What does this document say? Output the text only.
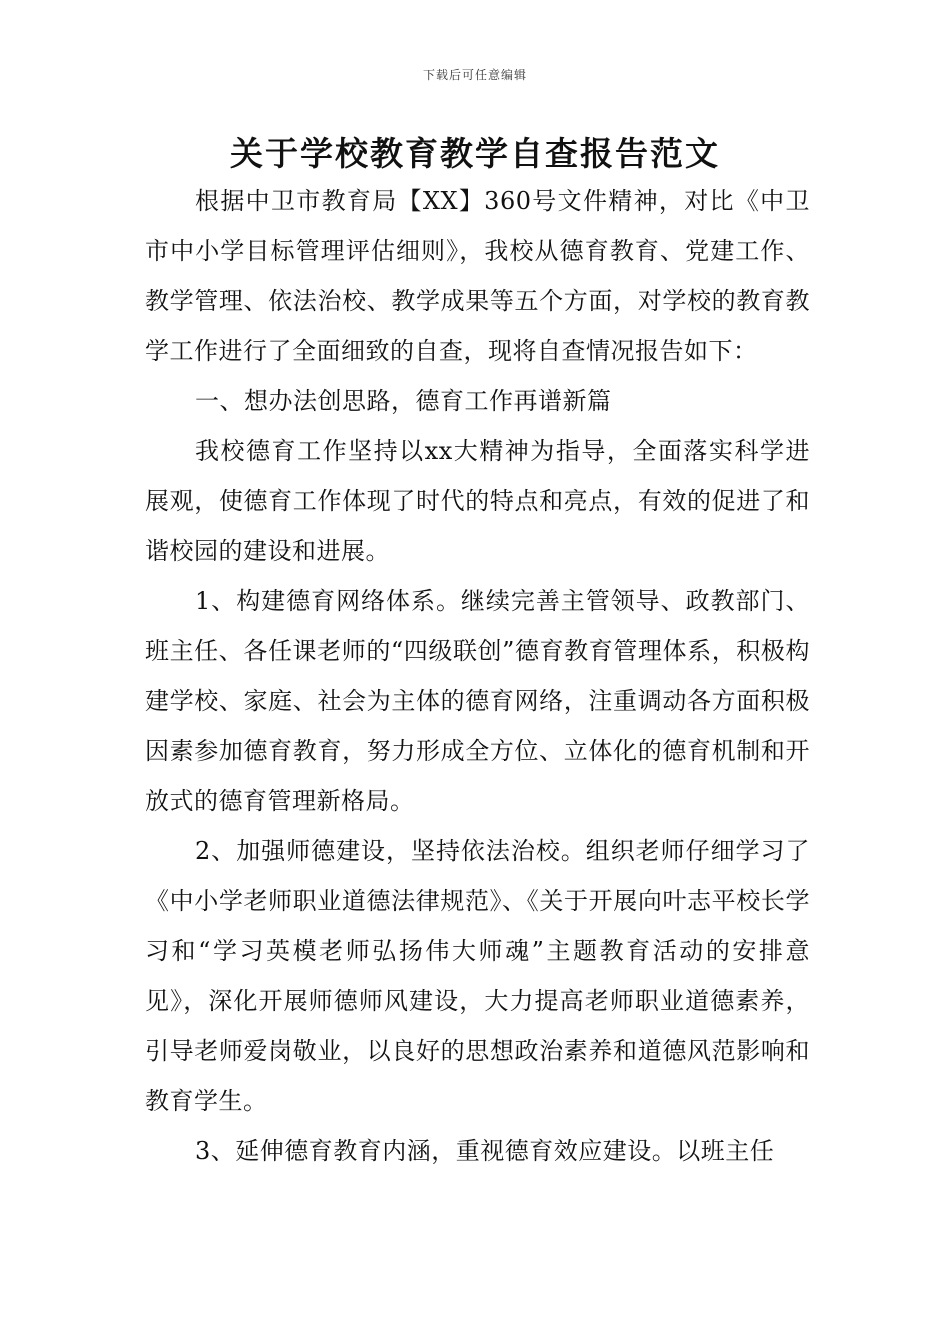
下载后可任意编辑
关于学校教育教学自查报告范文

根据中卫市教育局【XX】360号文件精神，对比《中卫市中小学目标管理评估细则》，我校从德育教育、党建工作、教学管理、依法治校、教学成果等五个方面，对学校的教育教学工作进行了全面细致的自查，现将自查情况报告如下：

一、想办法创思路，德育工作再谱新篇

我校德育工作坚持以xx大精神为指导，全面落实科学进展观，使德育工作体现了时代的特点和亮点，有效的促进了和谐校园的建设和进展。

1、构建德育网络体系。继续完善主管领导、政教部门、班主任、各任课老师的“四级联创”德育教育管理体系，积极构建学校、家庭、社会为主体的德育网络，注重调动各方面积极因素参加德育教育，努力形成全方位、立体化的德育机制和开放式的德育管理新格局。

2、加强师德建设，坚持依法治校。组织老师仔细学习了《中小学老师职业道德法律规范》、《关于开展向叶志平校长学习和“学习英模老师弘扬伟大师魂”主题教育活动的安排意见》，深化开展师德师风建设，大力提高老师职业道德素养，引导老师爱岗敬业，以良好的思想政治素养和道德风范影响和教育学生。

3、延伸德育教育内涵，重视德育效应建设。以班主任
